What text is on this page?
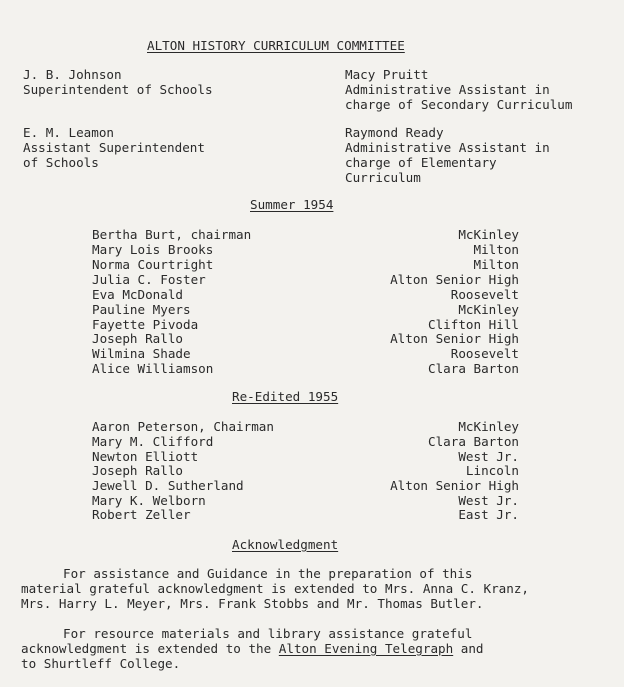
ALTON HISTORY CURRICULUM COMMITTEE
J. B. Johnson
Superintendent of Schools
Macy Pruitt
Administrative Assistant in
charge of Secondary Curriculum
E. M. Leamon
Assistant Superintendent
of Schools
Raymond Ready
Administrative Assistant in
charge of Elementary
Curriculum
Summer 1954
Bertha Burt, chairman	McKinley
Mary Lois Brooks	Milton
Norma Courtright	Milton
Julia C. Foster	Alton Senior High
Eva McDonald	Roosevelt
Pauline Myers	McKinley
Fayette Pivoda	Clifton Hill
Joseph Rallo	Alton Senior High
Wilmina Shade	Roosevelt
Alice Williamson	Clara Barton
Re-Edited 1955
Aaron Peterson, Chairman	McKinley
Mary M. Clifford	Clara Barton
Newton Elliott	West Jr.
Joseph Rallo	Lincoln
Jewell D. Sutherland	Alton Senior High
Mary K. Welborn	West Jr.
Robert Zeller	East Jr.
Acknowledgment
For assistance and Guidance in the preparation of this
material grateful acknowledgment is extended to Mrs. Anna C. Kranz,
Mrs. Harry L. Meyer, Mrs. Frank Stobbs and Mr. Thomas Butler.
For resource materials and library assistance grateful
acknowledgment is extended to the Alton Evening Telegraph and
to Shurtleff College.
